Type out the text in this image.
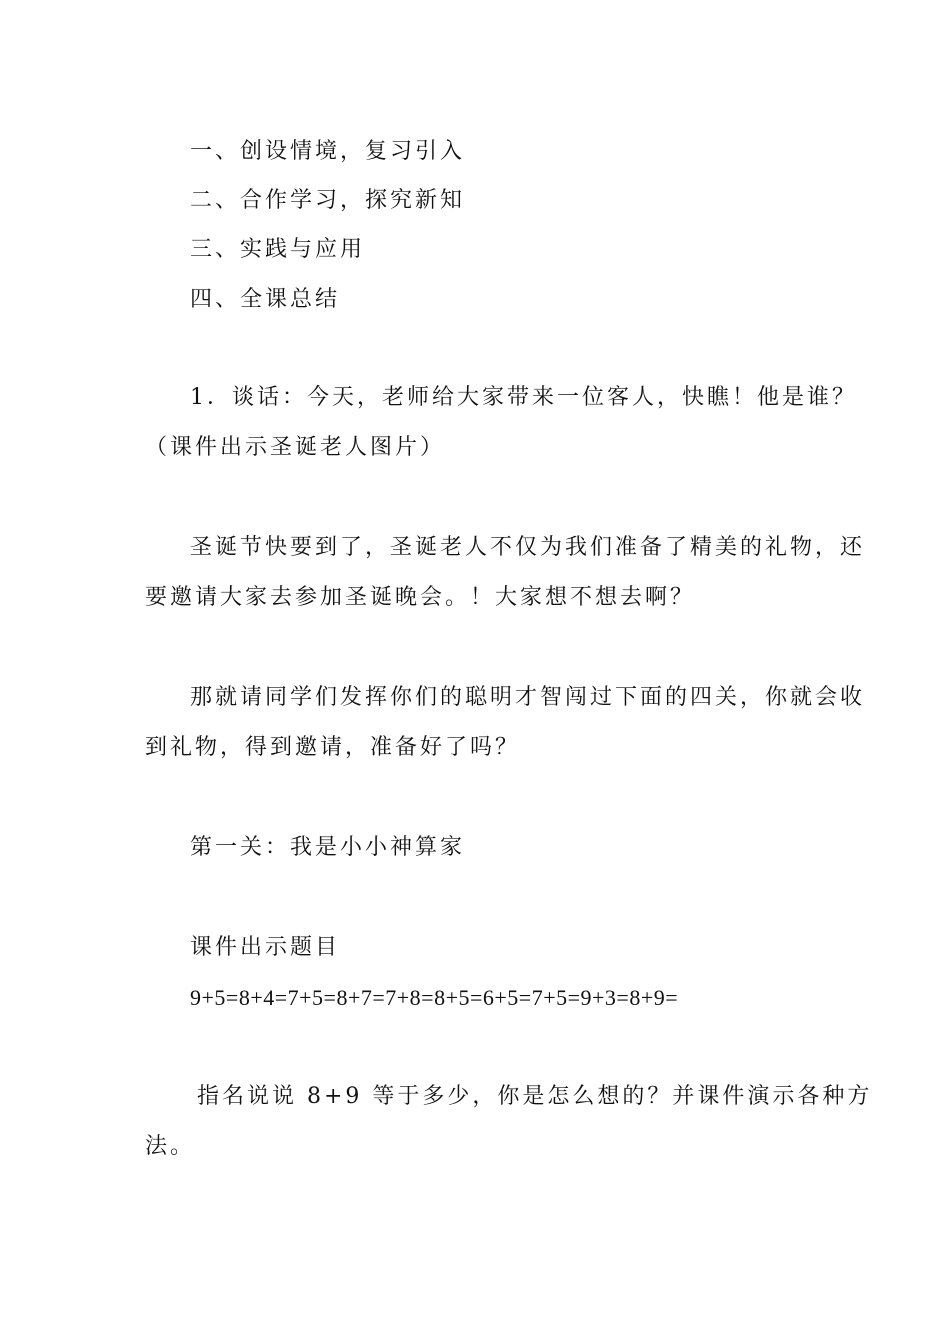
一、创设情境，复习引入
二、合作学习，探究新知
三、实践与应用
四、全课总结
1．谈话：今天，老师给大家带来一位客人，快瞧！他是谁？
（课件出示圣诞老人图片）
圣诞节快要到了，圣诞老人不仅为我们准备了精美的礼物，还
要邀请大家去参加圣诞晚会。！大家想不想去啊？
那就请同学们发挥你们的聪明才智闯过下面的四关，你就会收
到礼物，得到邀请，准备好了吗？
第一关：我是小小神算家
课件出示题目
9+5=8+4=7+5=8+7=7+8=8+5=6+5=7+5=9+3=8+9=
指名说说 8+9 等于多少，你是怎么想的？并课件演示各种方
法。
